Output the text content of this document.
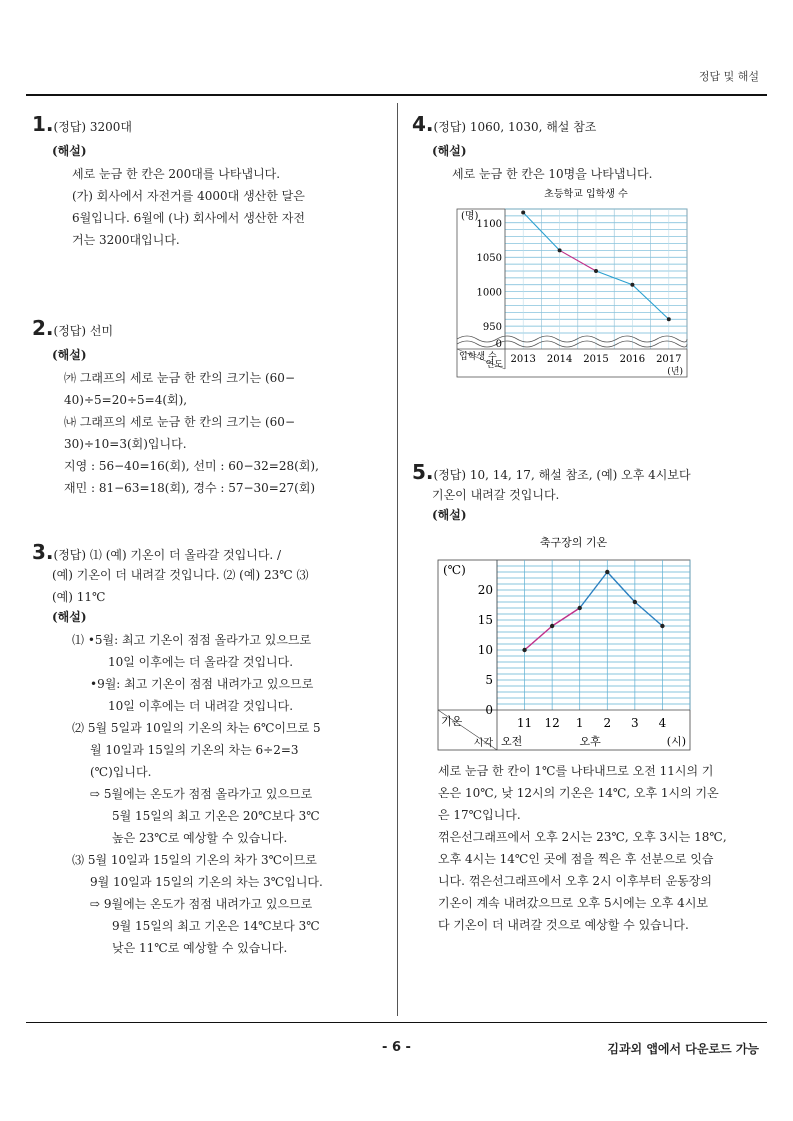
정답 및 해설
1.(정답) 3200대
(해설)
세로 눈금 한 칸은 200대를 나타냅니다.
(가) 회사에서 자전거를 4000대 생산한 달은
6월입니다. 6월에 (나) 회사에서 생산한 자전
거는 3200대입니다.
2.(정답) 선미
(해설)
㈎ 그래프의 세로 눈금 한 칸의 크기는 (60−
40)÷5=20÷5=4(회),
㈏ 그래프의 세로 눈금 한 칸의 크기는 (60−
30)÷10=3(회)입니다.
지영 : 56−40=16(회), 선미 : 60−32=28(회),
재민 : 81−63=18(회), 경수 : 57−30=27(회)
3.(정답) ⑴ (예) 기온이 더 올라갈 것입니다. /
(예) 기온이 더 내려갈 것입니다. ⑵ (예) 23℃ ⑶
(예) 11℃
(해설)
⑴ •5월: 최고 기온이 점점 올라가고 있으므로
10일 이후에는 더 올라갈 것입니다.
•9월: 최고 기온이 점점 내려가고 있으므로
10일 이후에는 더 내려갈 것입니다.
⑵ 5월 5일과 10일의 기온의 차는 6℃이므로 5
월 10일과 15일의 기온의 차는 6÷2=3
(℃)입니다.
⇨ 5월에는 온도가 점점 올라가고 있으므로
5월 15일의 최고 기온은 20℃보다 3℃
높은 23℃로 예상할 수 있습니다.
⑶ 5월 10일과 15일의 기온의 차가 3℃이므로
9월 10일과 15일의 기온의 차는 3℃입니다.
⇨ 9월에는 온도가 점점 내려가고 있으므로
9월 15일의 최고 기온은 14℃보다 3℃
낮은 11℃로 예상할 수 있습니다.
4.(정답) 1060, 1030, 해설 참조
(해설)
세로 눈금 한 칸은 10명을 나타냅니다.
초등학교 입학생 수
(명)
950
1000
1050
1100
0
입학생 수
연도 2013 2014 2015 2016 2017
(년)
5.(정답) 10, 14, 17, 해설 참조, (예) 오후 4시보다
기온이 내려갈 것입니다.
(해설)
축구장의 기온
(℃)
0
5
10
15
20
기온
시각
11 12 1 2 3 4
오전	오후	(시)
세로 눈금 한 칸이 1℃를 나타내므로 오전 11시의 기
온은 10℃, 낮 12시의 기온은 14℃, 오후 1시의 기온
은 17℃입니다.
꺾은선그래프에서 오후 2시는 23℃, 오후 3시는 18℃,
오후 4시는 14℃인 곳에 점을 찍은 후 선분으로 잇습
니다. 꺾은선그래프에서 오후 2시 이후부터 운동장의
기온이 계속 내려갔으므로 오후 5시에는 오후 4시보
다 기온이 더 내려갈 것으로 예상할 수 있습니다.
- 6 -	김과외 앱에서 다운로드 가능
